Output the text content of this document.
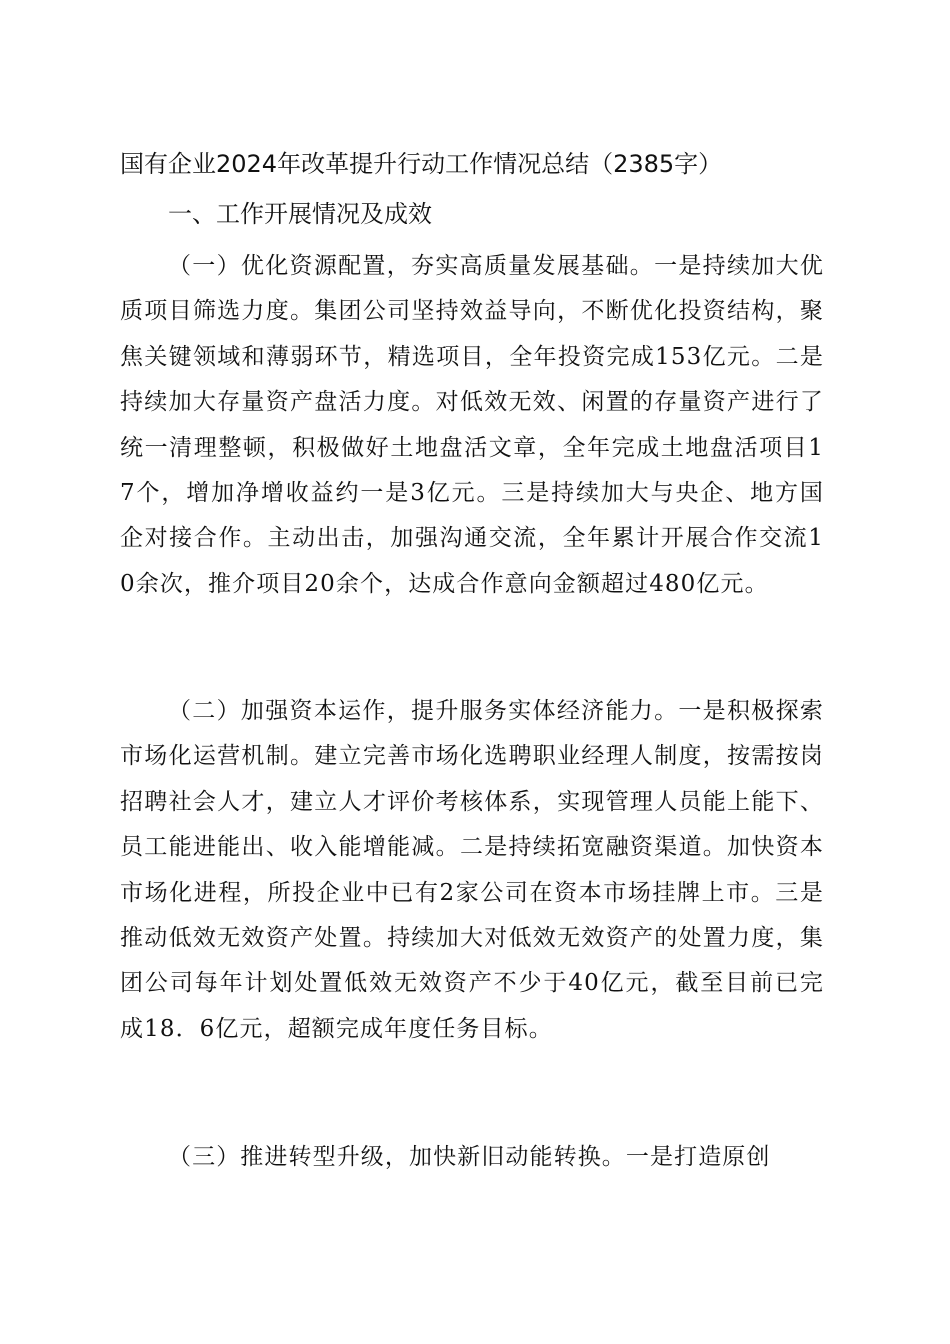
国有企业2024年改革提升行动工作情况总结（2385字）
一、工作开展情况及成效

（一）优化资源配置，夯实高质量发展基础。一是持续加大优质项目筛选力度。集团公司坚持效益导向，不断优化投资结构，聚焦关键领域和薄弱环节，精选项目，全年投资完成153亿元。二是持续加大存量资产盘活力度。对低效无效、闲置的存量资产进行了统一清理整顿，积极做好土地盘活文章，全年完成土地盘活项目17个，增加净增收益约一是3亿元。三是持续加大与央企、地方国企对接合作。主动出击，加强沟通交流，全年累计开展合作交流10余次，推介项目20余个，达成合作意向金额超过480亿元。

（二）加强资本运作，提升服务实体经济能力。一是积极探索市场化运营机制。建立完善市场化选聘职业经理人制度，按需按岗招聘社会人才，建立人才评价考核体系，实现管理人员能上能下、员工能进能出、收入能增能减。二是持续拓宽融资渠道。加快资本市场化进程，所投企业中已有2家公司在资本市场挂牌上市。三是推动低效无效资产处置。持续加大对低效无效资产的处置力度，集团公司每年计划处置低效无效资产不少于40亿元，截至目前已完成18．6亿元，超额完成年度任务目标。

（三）推进转型升级，加快新旧动能转换。一是打造原创
